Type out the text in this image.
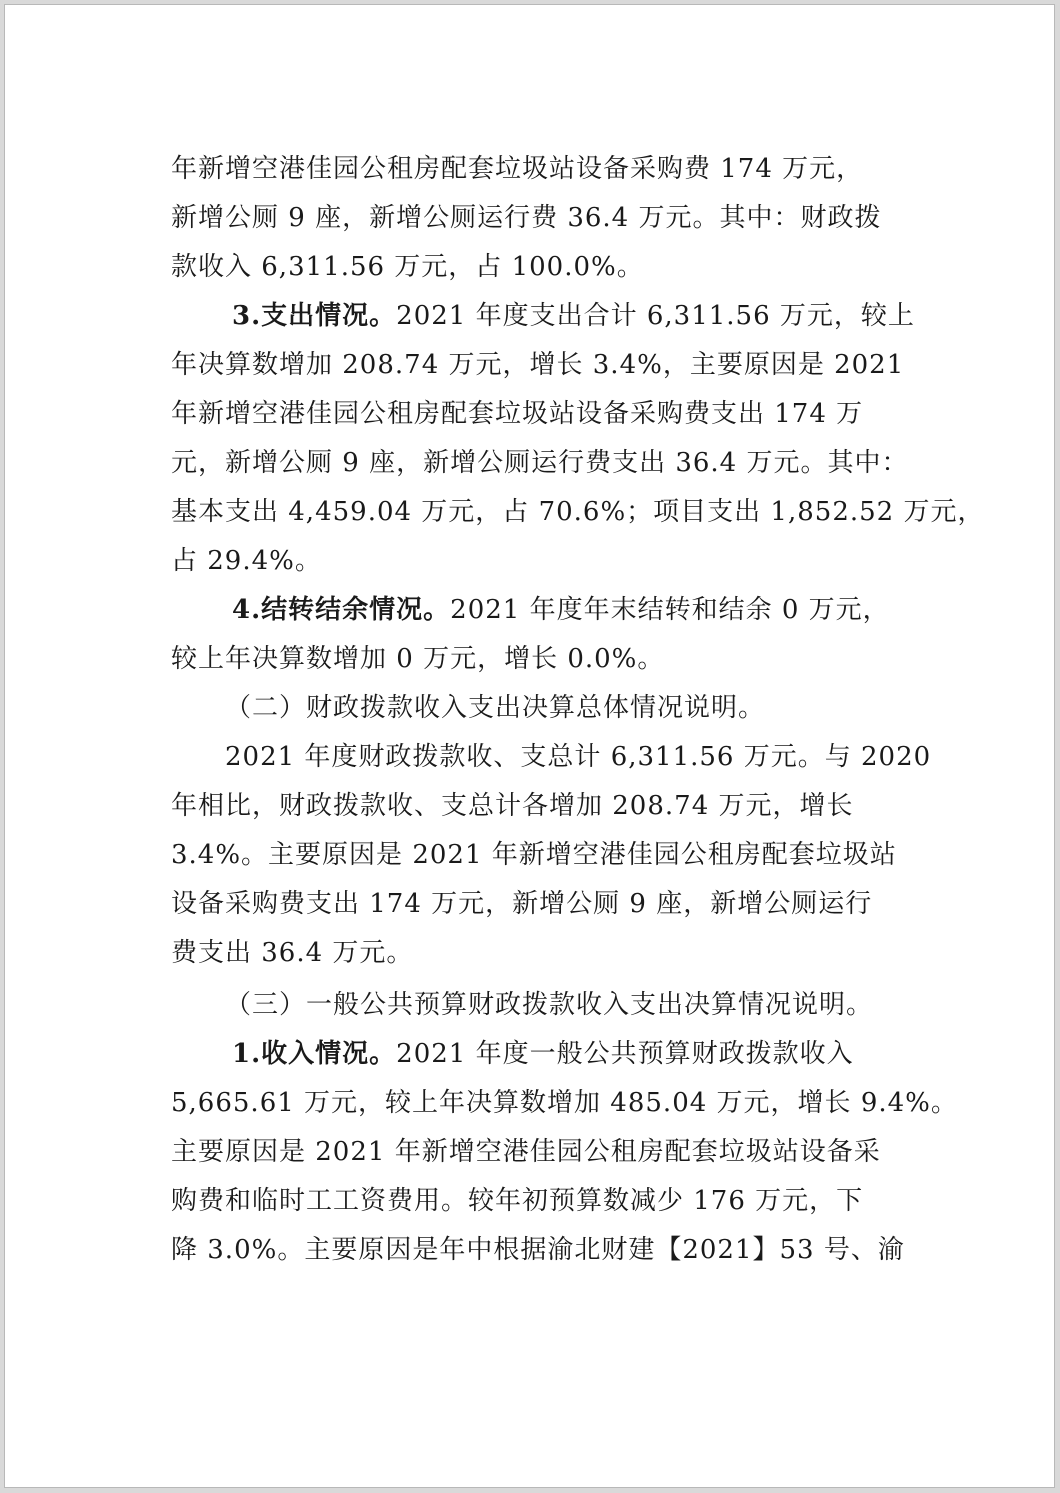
年新增空港佳园公租房配套垃圾站设备采购费 174 万元，

新增公厕 9 座，新增公厕运行费 36.4 万元。其中：财政拨

款收入 6,311.56 万元，占 100.0%。

3.支出情况。2021 年度支出合计 6,311.56 万元，较上

年决算数增加 208.74 万元，增长 3.4%，主要原因是 2021

年新增空港佳园公租房配套垃圾站设备采购费支出 174 万

元，新增公厕 9 座，新增公厕运行费支出 36.4 万元。其中：

基本支出 4,459.04 万元，占 70.6%；项目支出 1,852.52 万元，

占 29.4%。

4.结转结余情况。2021 年度年末结转和结余 0 万元，

较上年决算数增加 0 万元，增长 0.0%。

（二）财政拨款收入支出决算总体情况说明。

2021 年度财政拨款收、支总计 6,311.56 万元。与 2020

年相比，财政拨款收、支总计各增加 208.74 万元，增长

3.4%。主要原因是 2021 年新增空港佳园公租房配套垃圾站

设备采购费支出 174 万元，新增公厕 9 座，新增公厕运行

费支出 36.4 万元。

（三）一般公共预算财政拨款收入支出决算情况说明。

1.收入情况。2021 年度一般公共预算财政拨款收入

5,665.61 万元，较上年决算数增加 485.04 万元，增长 9.4%。

主要原因是 2021 年新增空港佳园公租房配套垃圾站设备采

购费和临时工工资费用。较年初预算数减少 176 万元，下

降 3.0%。主要原因是年中根据渝北财建【2021】53 号、渝
